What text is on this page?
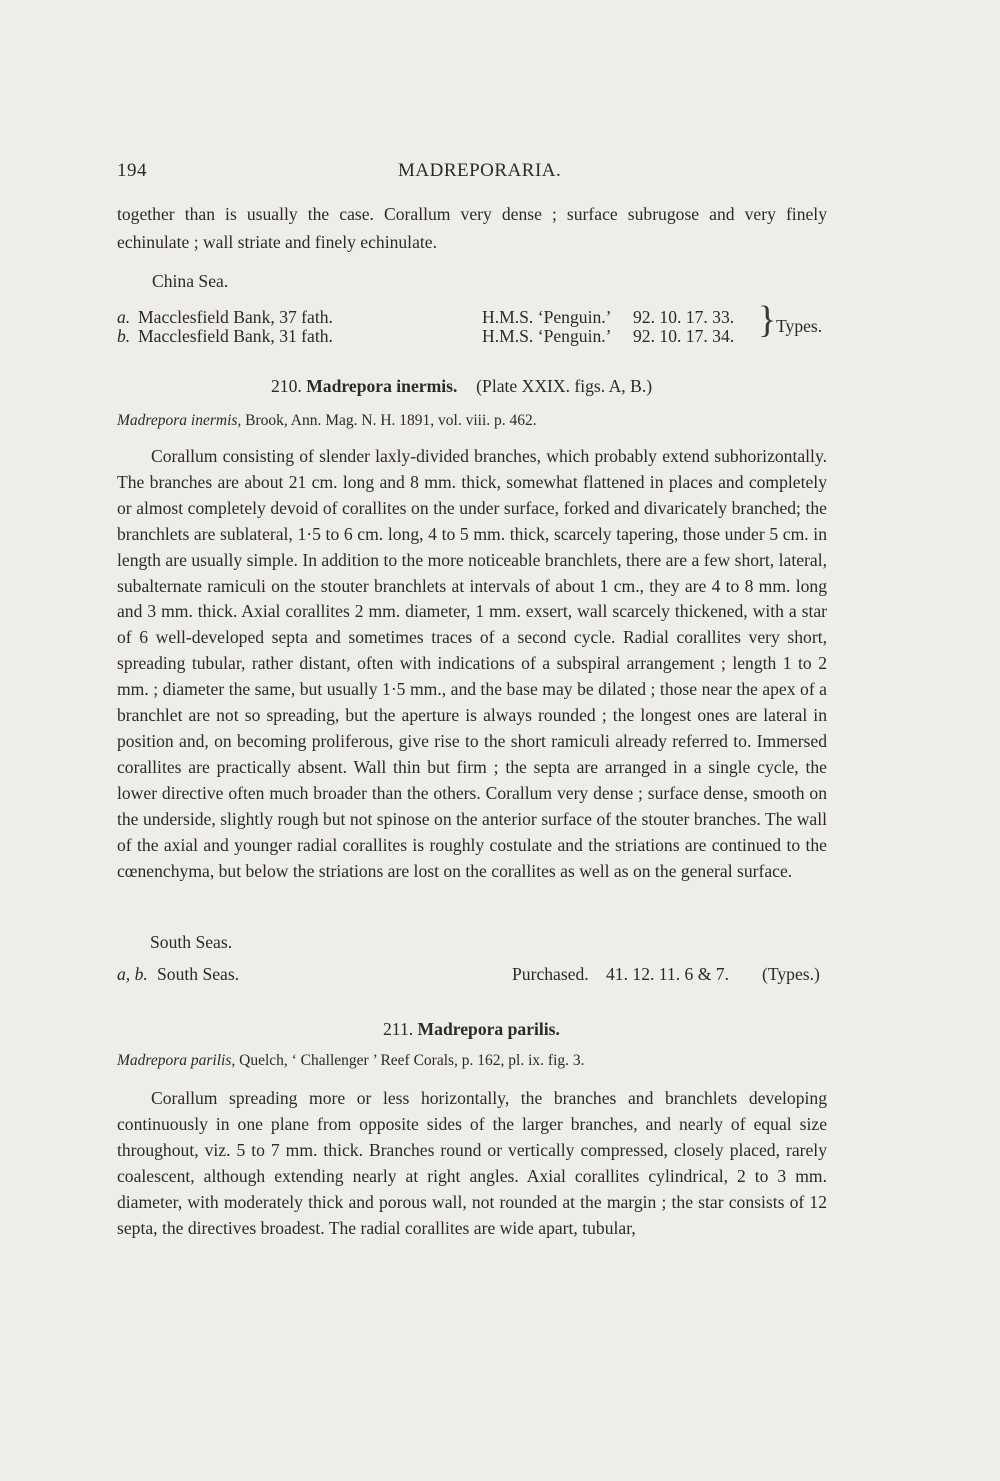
194	MADREPORARIA.
together than is usually the case. Corallum very dense ; surface subrugose and very finely
echinulate ; wall striate and finely echinulate.
China Sea.
a. Macclesfield Bank, 37 fath.	H.M.S. ‘Penguin.’ 92. 10. 17. 33.
b. Macclesfield Bank, 31 fath.	H.M.S. ‘Penguin.’ 92. 10. 17. 34. } Types.
210. Madrepora inermis. (Plate XXIX. figs. A, B.)
Madrepora inermis, Brook, Ann. Mag. N. H. 1891, vol. viii. p. 462.

Corallum consisting of slender laxly-divided branches, which probably extend subhorizontally. The branches are about 21 cm. long and 8 mm. thick, somewhat flattened in places and completely or almost completely devoid of corallites on the under surface, forked and divaricately branched; the branchlets are sublateral, 1·5 to 6 cm. long, 4 to 5 mm. thick, scarcely tapering, those under 5 cm. in length are usually simple. In addition to the more noticeable branchlets, there are a few short, lateral, subalternate ramiculi on the stouter branchlets at intervals of about 1 cm., they are 4 to 8 mm. long and 3 mm. thick. Axial corallites 2 mm. diameter, 1 mm. exsert, wall scarcely thickened, with a star of 6 well-developed septa and sometimes traces of a second cycle. Radial corallites very short, spreading tubular, rather distant, often with indications of a subspiral arrangement ; length 1 to 2 mm. ; diameter the same, but usually 1·5 mm., and the base may be dilated ; those near the apex of a branchlet are not so spreading, but the aperture is always rounded ; the longest ones are lateral in position and, on becoming proliferous, give rise to the short ramiculi already referred to. Immersed corallites are practically absent. Wall thin but firm ; the septa are arranged in a single cycle, the lower directive often much broader than the others. Corallum very dense ; surface dense, smooth on the underside, slightly rough but not spinose on the anterior surface of the stouter branches. The wall of the axial and younger radial corallites is roughly costulate and the striations are continued to the cœnenchyma, but below the striations are lost on the corallites as well as on the general surface.

South Seas.
a, b. South Seas.	Purchased. 41. 12. 11. 6 & 7. (Types.)
211. Madrepora parilis.
Madrepora parilis, Quelch, ‘ Challenger ’ Reef Corals, p. 162, pl. ix. fig. 3.

Corallum spreading more or less horizontally, the branches and branchlets developing continuously in one plane from opposite sides of the larger branches, and nearly of equal size throughout, viz. 5 to 7 mm. thick. Branches round or vertically compressed, closely placed, rarely coalescent, although extending nearly at right angles. Axial corallites cylindrical, 2 to 3 mm. diameter, with moderately thick and porous wall, not rounded at the margin ; the star consists of 12 septa, the directives broadest. The radial corallites are wide apart, tubular,
